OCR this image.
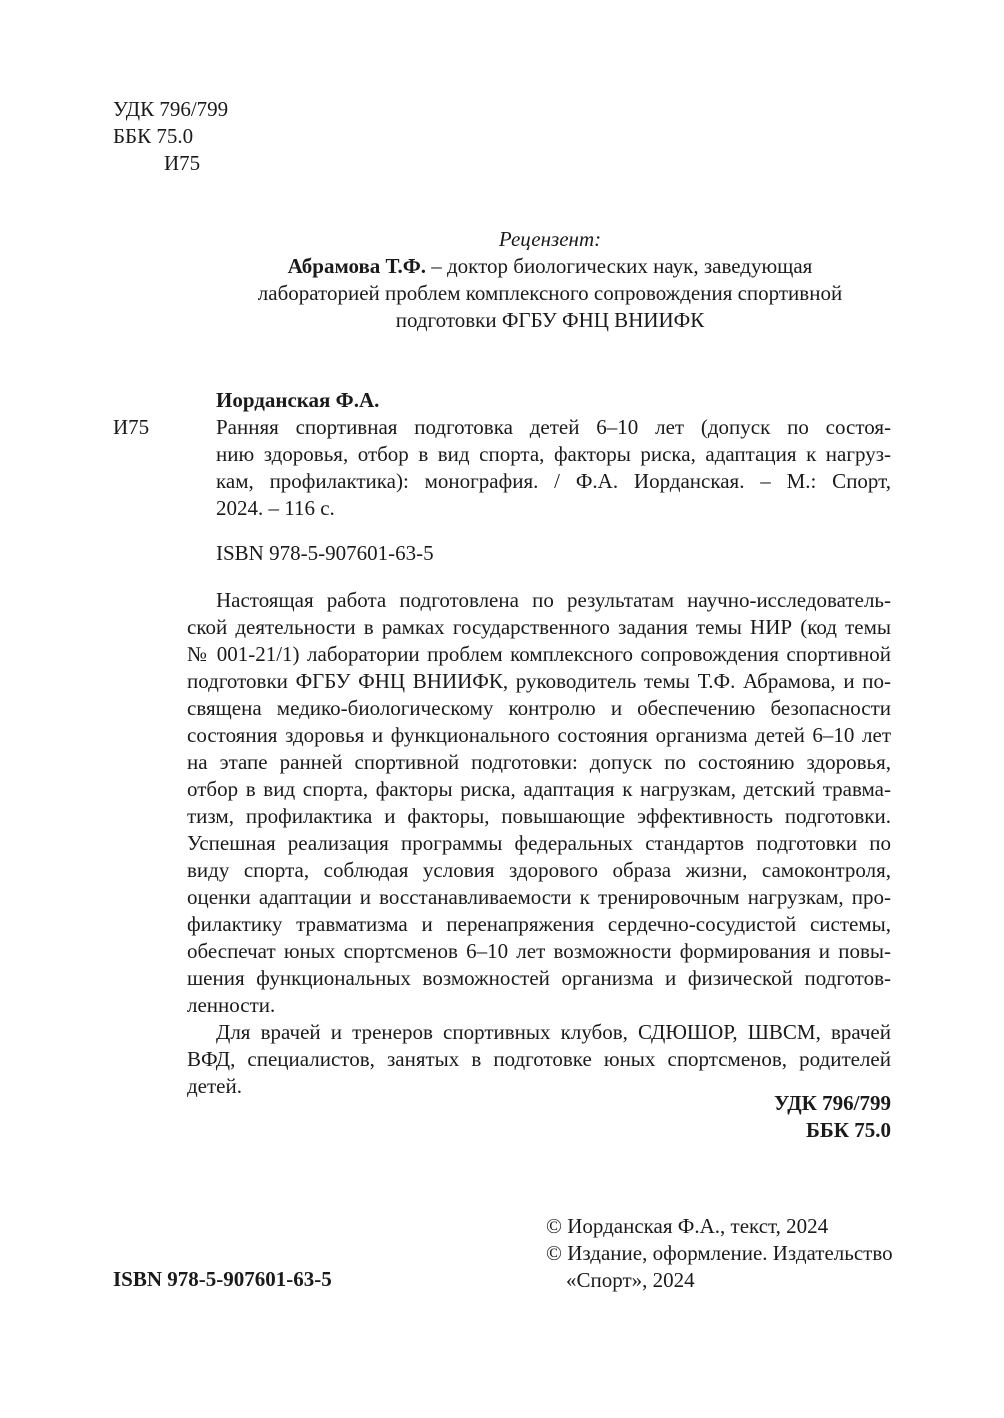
УДК 796/799
ББК 75.0
И75
Рецензент:
Абрамова Т.Ф. – доктор биологических наук, заведующая
лабораторией проблем комплексного сопровождения спортивной
подготовки ФГБУ ФНЦ ВНИИФК
Иорданская Ф.А.
И75	Ранняя спортивная подготовка детей 6–10 лет (допуск по состоя-
нию здоровья, отбор в вид спорта, факторы риска, адаптация к нагруз-
кам, профилактика): монография. / Ф.А. Иорданская. – М.: Спорт,
2024. – 116 с.
ISBN 978-5-907601-63-5
Настоящая работа подготовлена по результатам научно-исследователь-
ской деятельности в рамках государственного задания темы НИР (код темы
№ 001-21/1) лаборатории проблем комплексного сопровождения спортивной
подготовки ФГБУ ФНЦ ВНИИФК, руководитель темы Т.Ф. Абрамова, и по-
священа медико-биологическому контролю и обеспечению безопасности
состояния здоровья и функционального состояния организма детей 6–10 лет
на этапе ранней спортивной подготовки: допуск по состоянию здоровья,
отбор в вид спорта, факторы риска, адаптация к нагрузкам, детский травма-
тизм, профилактика и факторы, повышающие эффективность подготовки.
Успешная реализация программы федеральных стандартов подготовки по
виду спорта, соблюдая условия здорового образа жизни, самоконтроля,
оценки адаптации и восстанавливаемости к тренировочным нагрузкам, про-
филактику травматизма и перенапряжения сердечно-сосудистой системы,
обеспечат юных спортсменов 6–10 лет возможности формирования и повы-
шения функциональных возможностей организма и физической подготов-
ленности.
Для врачей и тренеров спортивных клубов, СДЮШОР, ШВСМ, врачей
ВФД, специалистов, занятых в подготовке юных спортсменов, родителей
детей.
УДК 796/799
ББК 75.0
© Иорданская Ф.А., текст, 2024
© Издание, оформление. Издательство
«Спорт», 2024
ISBN 978-5-907601-63-5
